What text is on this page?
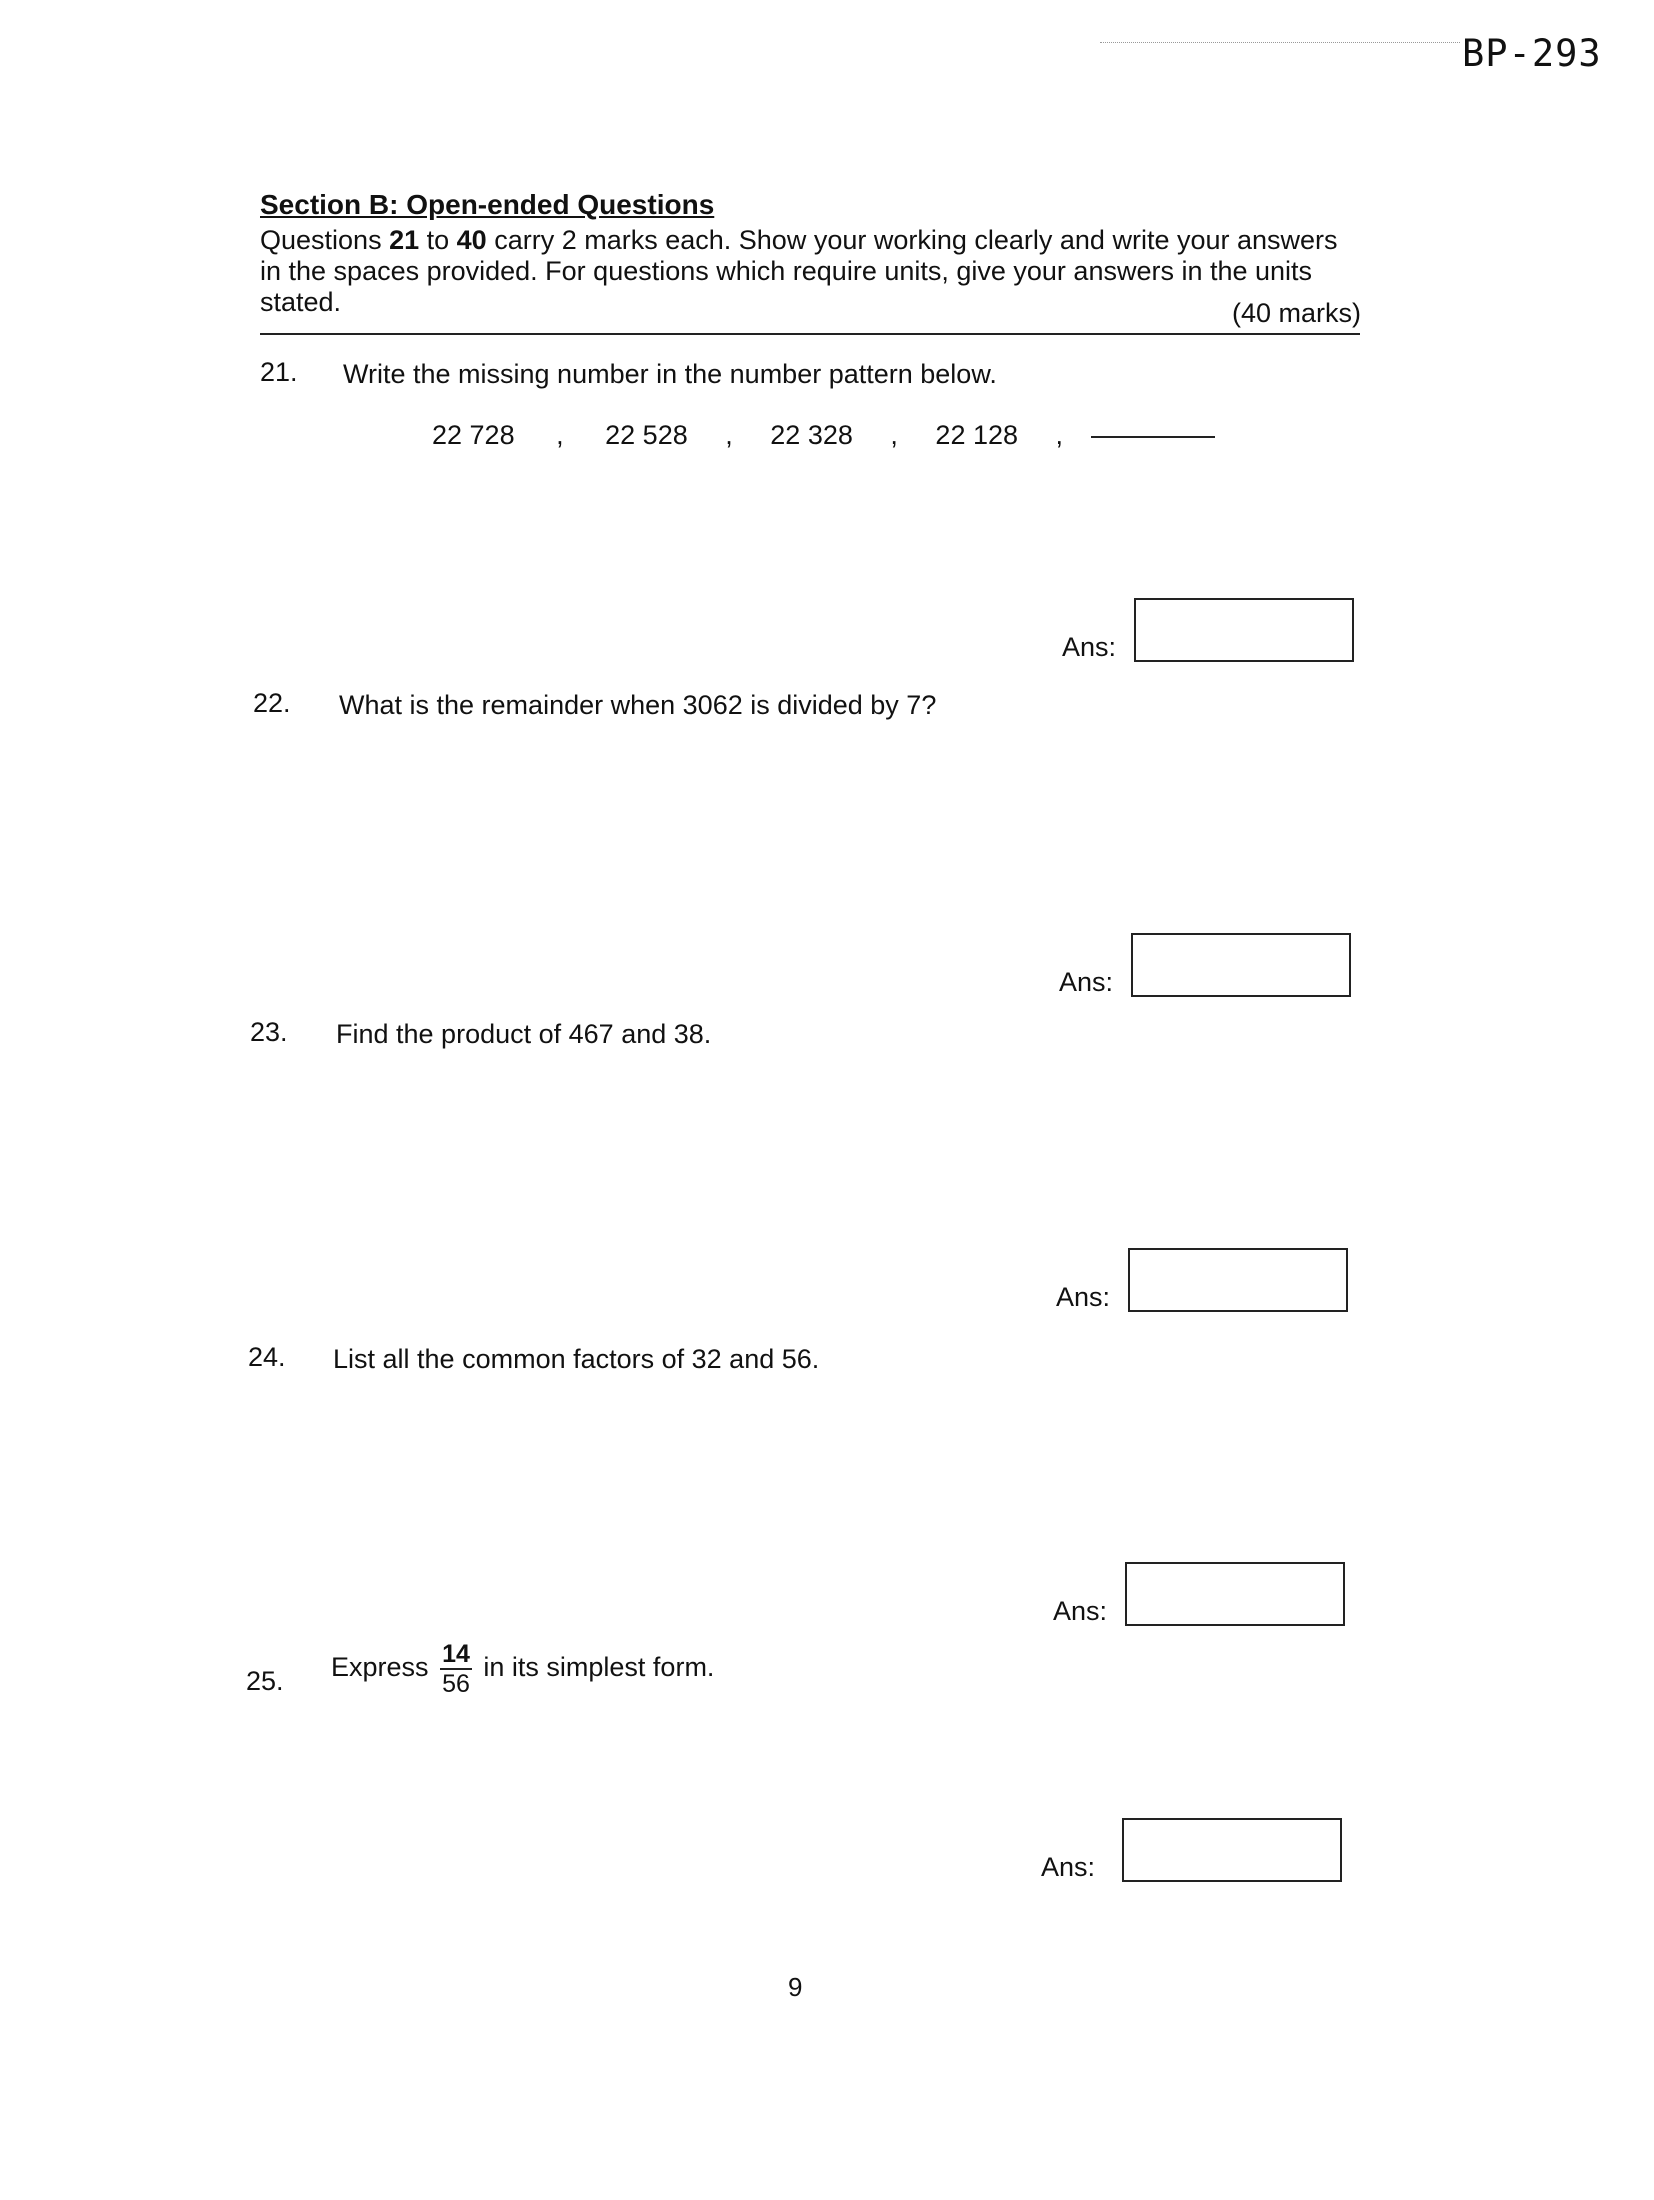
BP-293
Section B: Open-ended Questions
Questions 21 to 40 carry 2 marks each. Show your working clearly and write your answers in the spaces provided. For questions which require units, give your answers in the units stated.	(40 marks)
21. Write the missing number in the number pattern below.
22 728 , 22 528 , 22 328 , 22 128 ,
Ans:
22. What is the remainder when 3062 is divided by 7?
Ans:
23. Find the product of 467 and 38.
Ans:
24. List all the common factors of 32 and 56.
Ans:
25. Express $\frac{14}{56}$ in its simplest form.
Ans:
9
